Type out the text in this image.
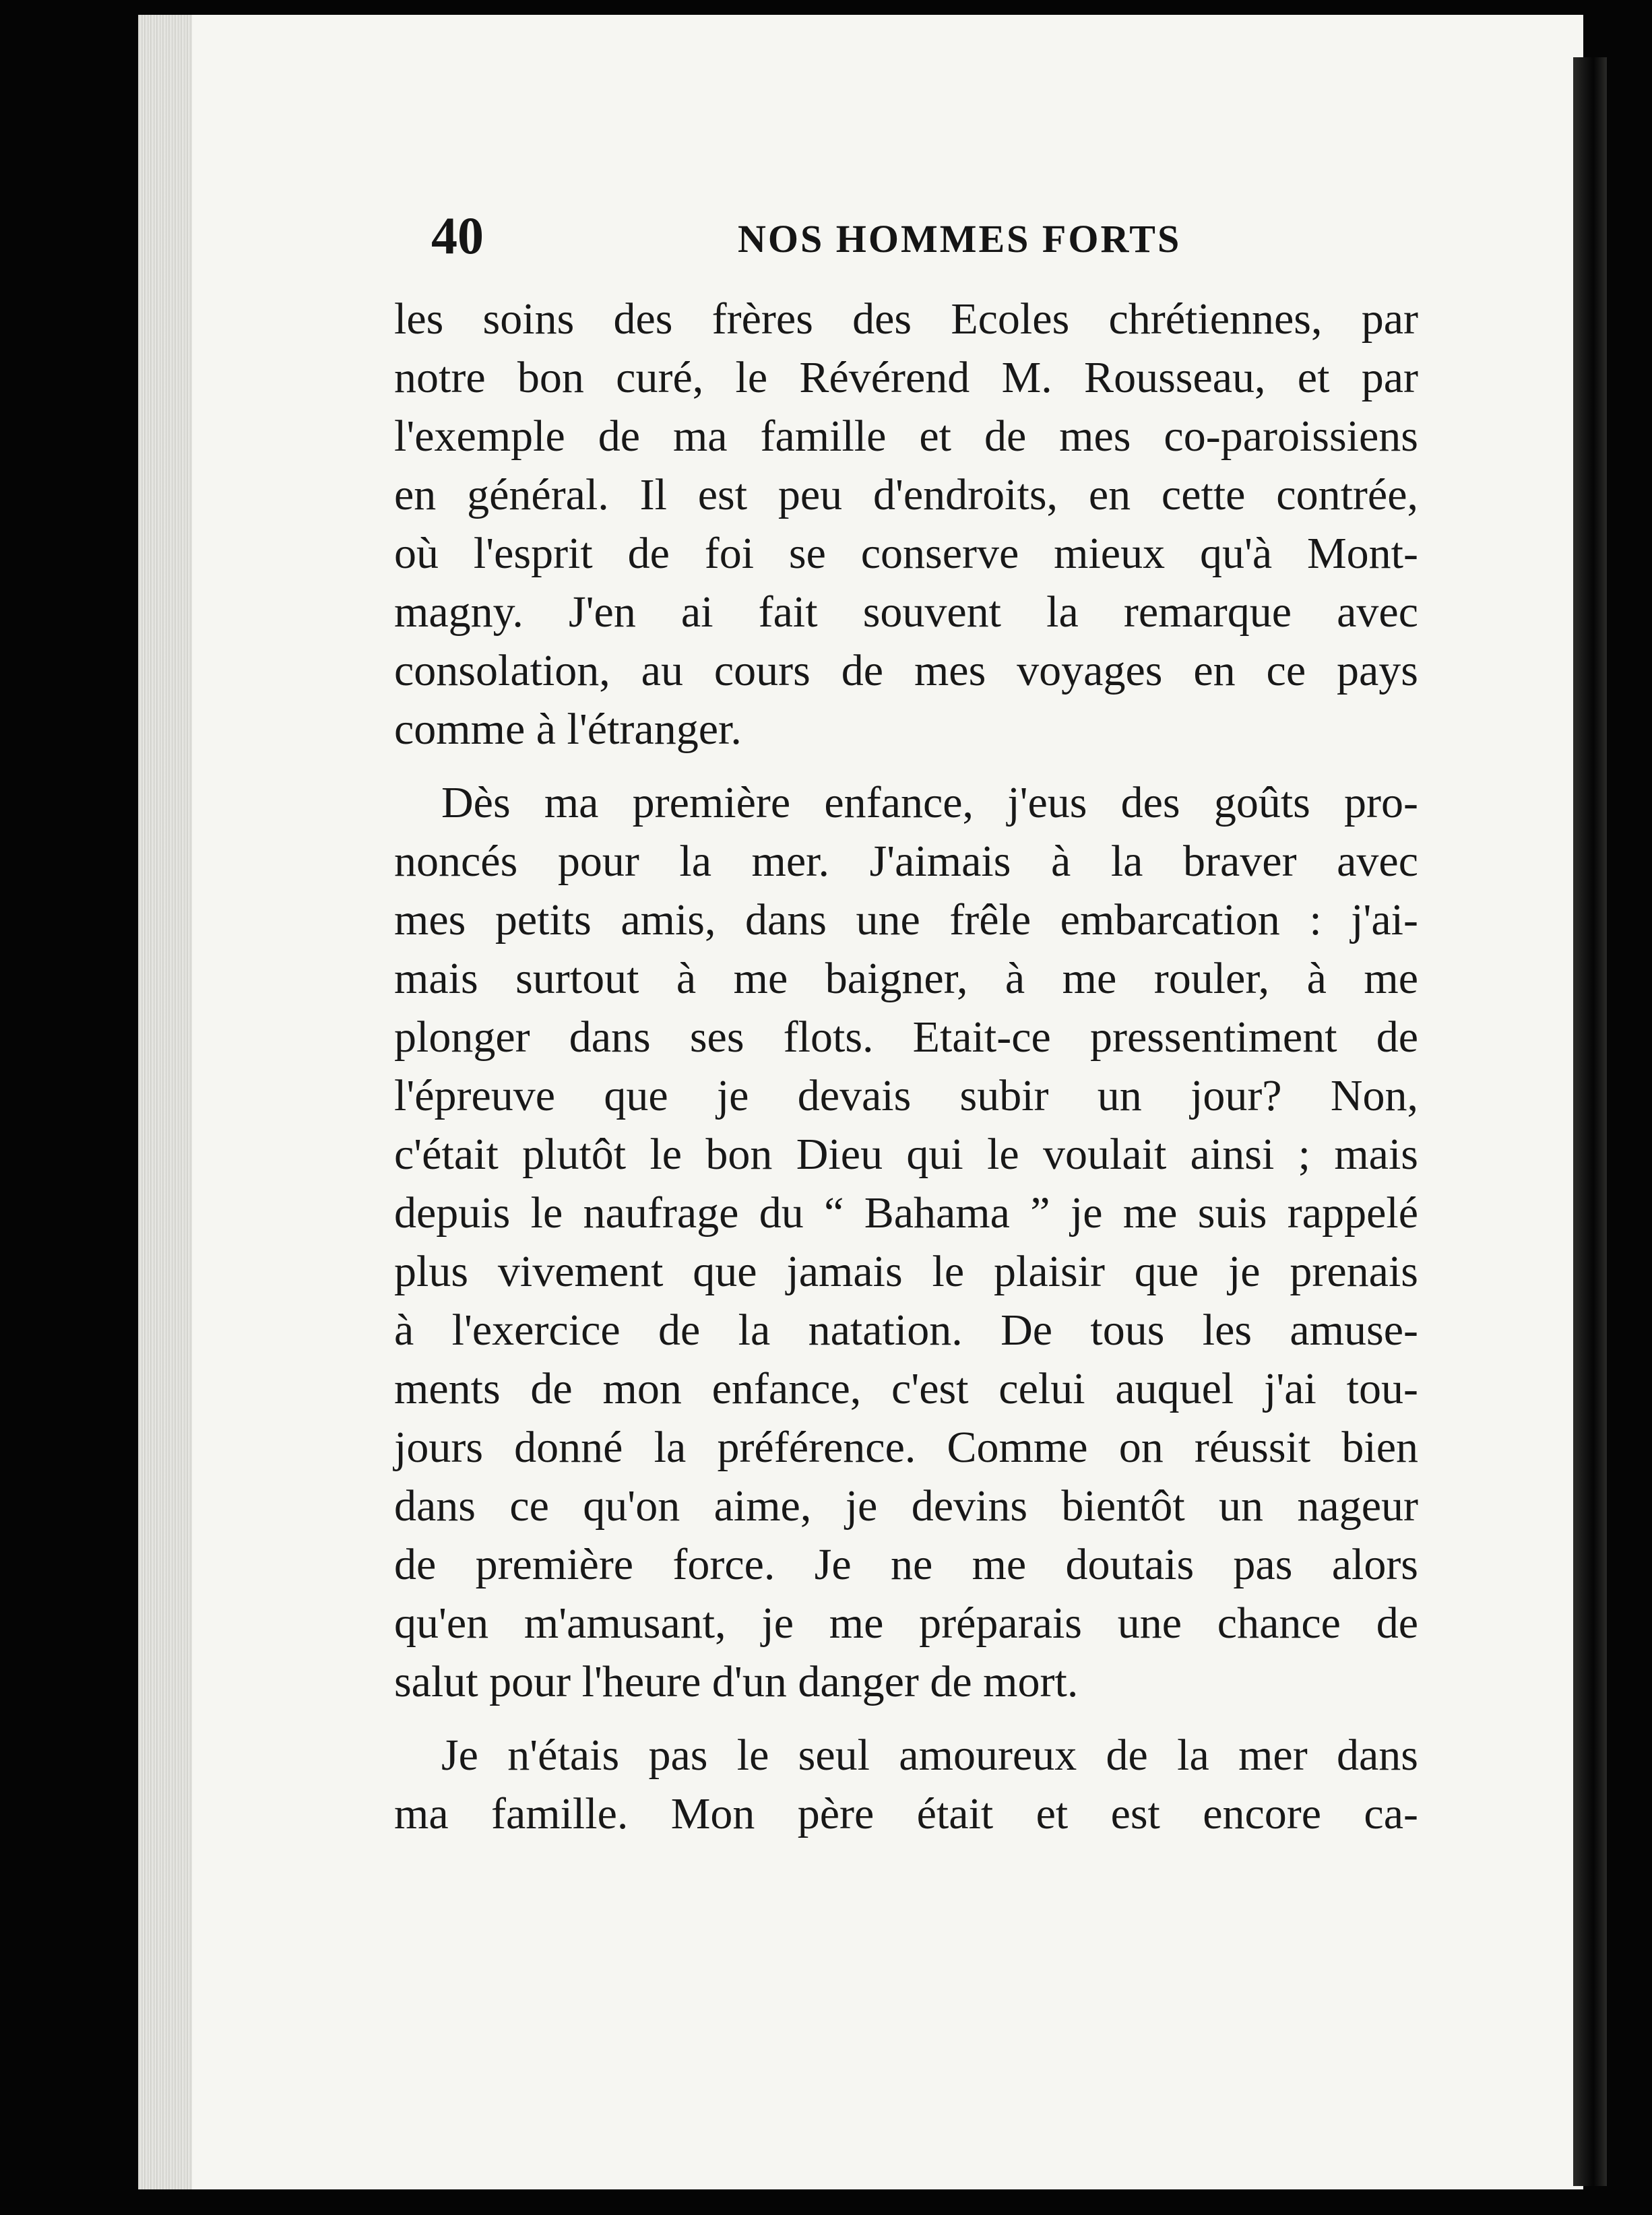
40	NOS HOMMES FORTS
les soins des frères des Ecoles chrétiennes, par
notre bon curé, le Révérend M. Rousseau, et par
l'exemple de ma famille et de mes co-paroissiens
en général. Il est peu d'endroits, en cette contrée,
où l'esprit de foi se conserve mieux qu'à Mont-
magny. J'en ai fait souvent la remarque avec
consolation, au cours de mes voyages en ce pays
comme à l'étranger.
Dès ma première enfance, j'eus des goûts pro-
noncés pour la mer. J'aimais à la braver avec
mes petits amis, dans une frêle embarcation : j'ai-
mais surtout à me baigner, à me rouler, à me
plonger dans ses flots. Etait-ce pressentiment de
l'épreuve que je devais subir un jour? Non,
c'était plutôt le bon Dieu qui le voulait ainsi ; mais
depuis le naufrage du “ Bahama ” je me suis rappelé
plus vivement que jamais le plaisir que je prenais
à l'exercice de la natation. De tous les amuse-
ments de mon enfance, c'est celui auquel j'ai tou-
jours donné la préférence. Comme on réussit bien
dans ce qu'on aime, je devins bientôt un nageur
de première force. Je ne me doutais pas alors
qu'en m'amusant, je me préparais une chance de
salut pour l'heure d'un danger de mort.
Je n'étais pas le seul amoureux de la mer dans
ma famille. Mon père était et est encore ca-
